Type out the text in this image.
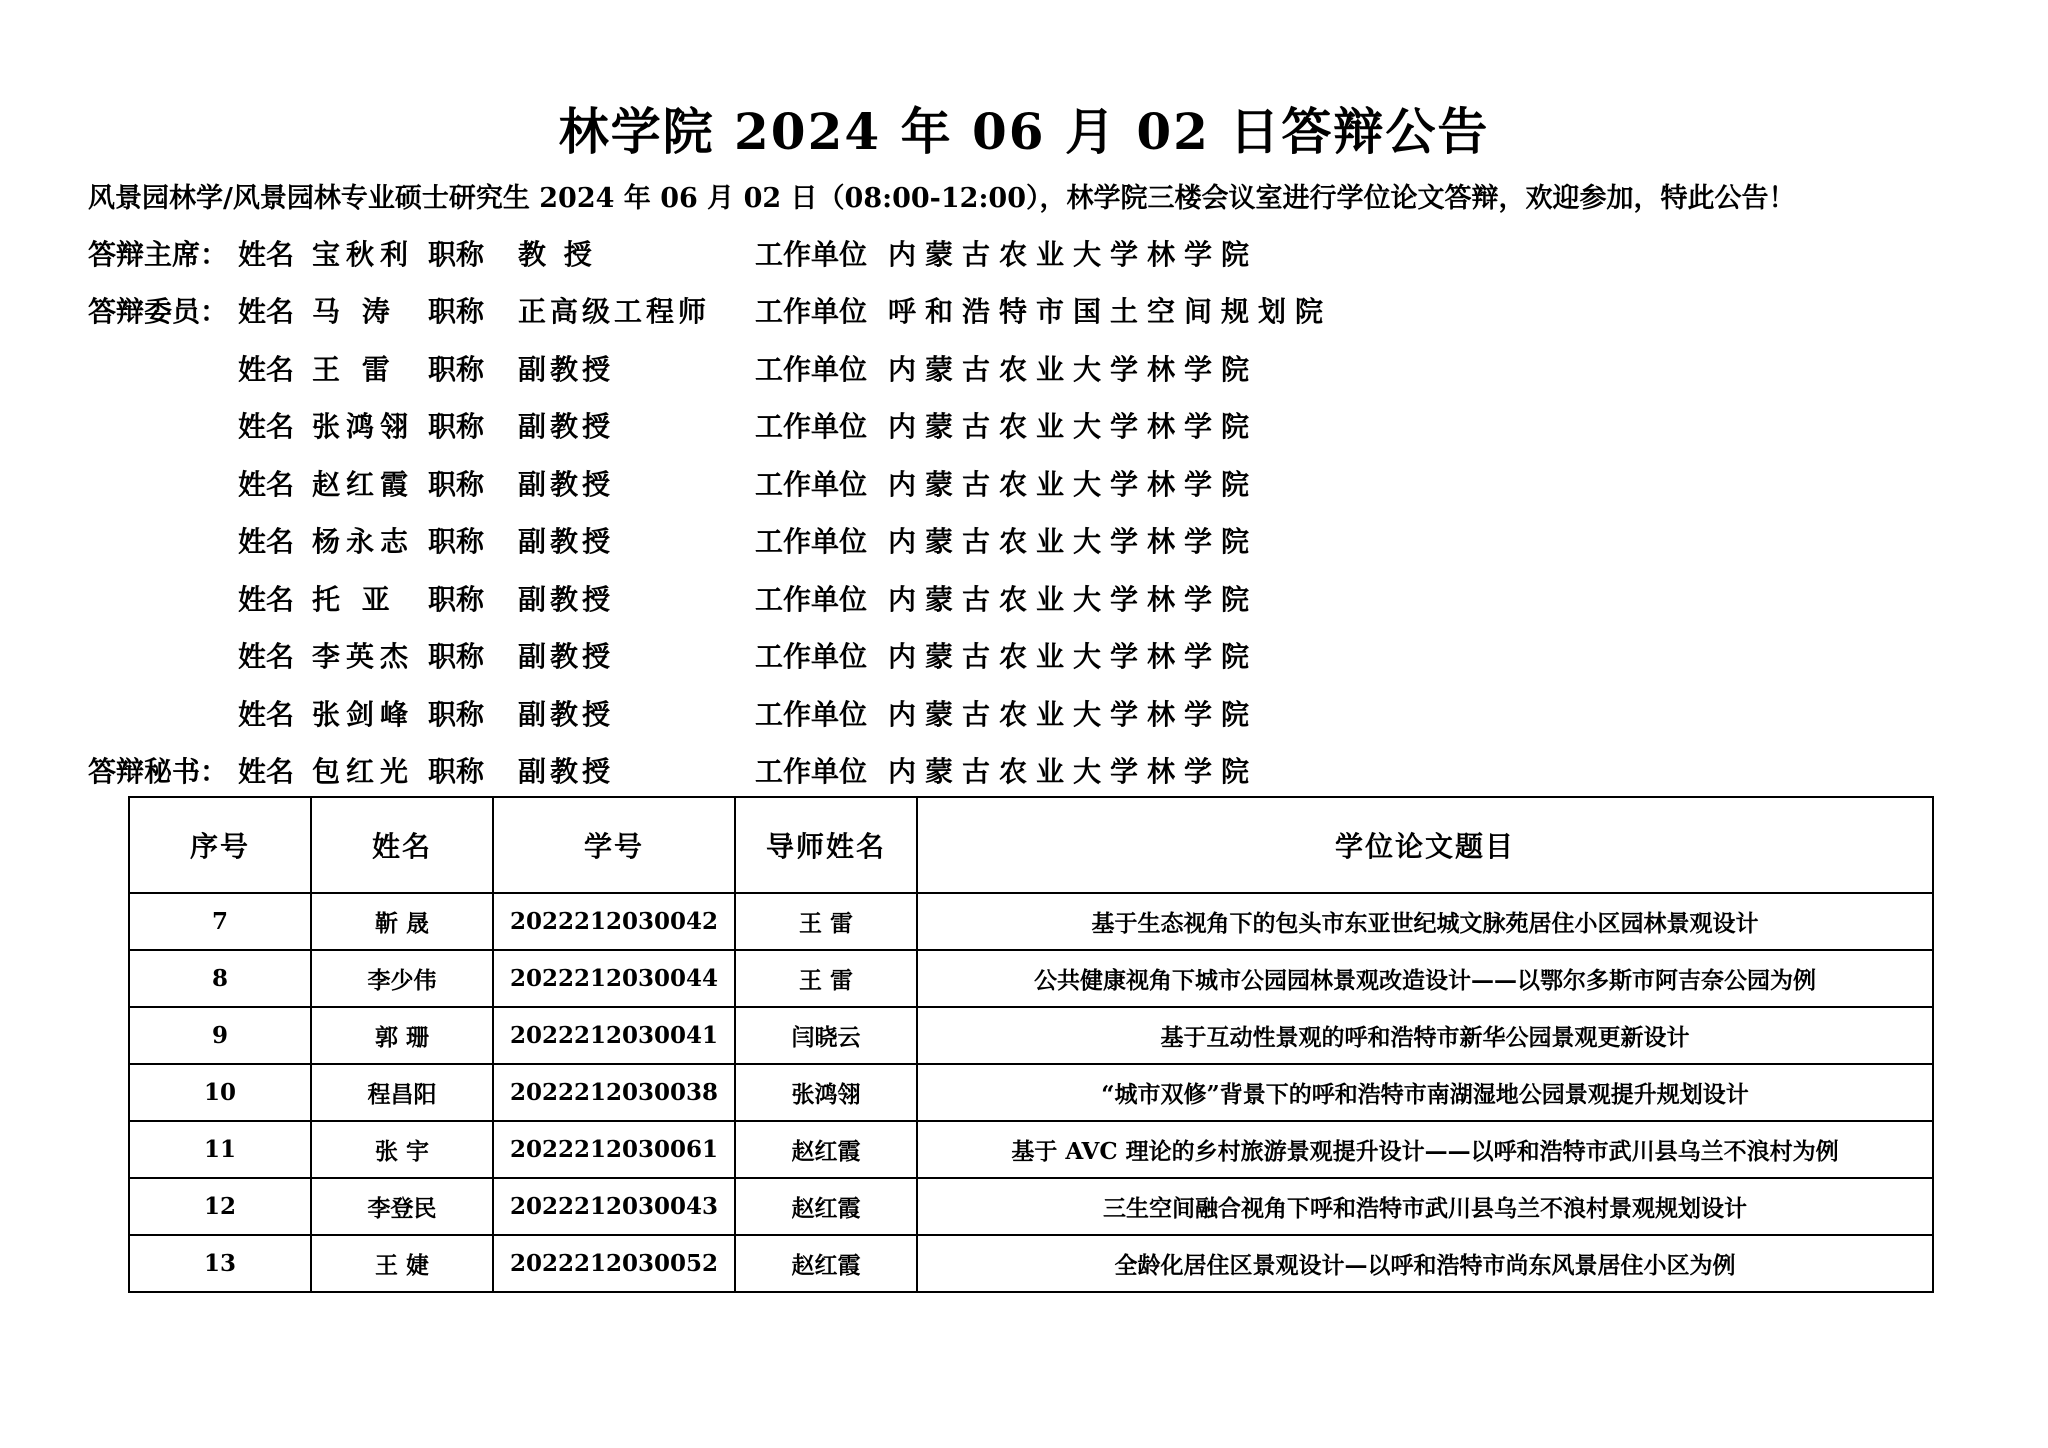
林学院 2024 年 06 月 02 日答辩公告
风景园林学/风景园林专业硕士研究生 2024 年 06 月 02 日（08:00-12:00），林学院三楼会议室进行学位论文答辩，欢迎参加，特此公告！
答辩主席： 姓名 宝秋利 职称 教 授	工作单位 内蒙古农业大学林学院
答辩委员： 姓名 马 涛 职称 正高级工程师 工作单位 呼和浩特市国土空间规划院
姓名 王 雷 职称 副教授	工作单位 内蒙古农业大学林学院
姓名 张鸿翎 职称 副教授	工作单位 内蒙古农业大学林学院
姓名 赵红霞 职称 副教授	工作单位 内蒙古农业大学林学院
姓名 杨永志 职称 副教授	工作单位 内蒙古农业大学林学院
姓名 托 亚 职称 副教授	工作单位 内蒙古农业大学林学院
姓名 李英杰 职称 副教授	工作单位 内蒙古农业大学林学院
姓名 张剑峰 职称 副教授	工作单位 内蒙古农业大学林学院
答辩秘书： 姓名 包红光 职称 副教授	工作单位 内蒙古农业大学林学院
序号	姓名	学号	导师姓名	学位论文题目
7	靳 晟	2022212030042	王 雷	基于生态视角下的包头市东亚世纪城文脉苑居住小区园林景观设计
8	李少伟	2022212030044	王 雷	公共健康视角下城市公园园林景观改造设计——以鄂尔多斯市阿吉奈公园为例
9	郭 珊	2022212030041	闫晓云	基于互动性景观的呼和浩特市新华公园景观更新设计
10	程昌阳	2022212030038	张鸿翎	“城市双修”背景下的呼和浩特市南湖湿地公园景观提升规划设计
11	张 宇	2022212030061	赵红霞	基于 AVC 理论的乡村旅游景观提升设计——以呼和浩特市武川县乌兰不浪村为例
12	李登民	2022212030043	赵红霞	三生空间融合视角下呼和浩特市武川县乌兰不浪村景观规划设计
13	王 婕	2022212030052	赵红霞	全龄化居住区景观设计—以呼和浩特市尚东风景居住小区为例
